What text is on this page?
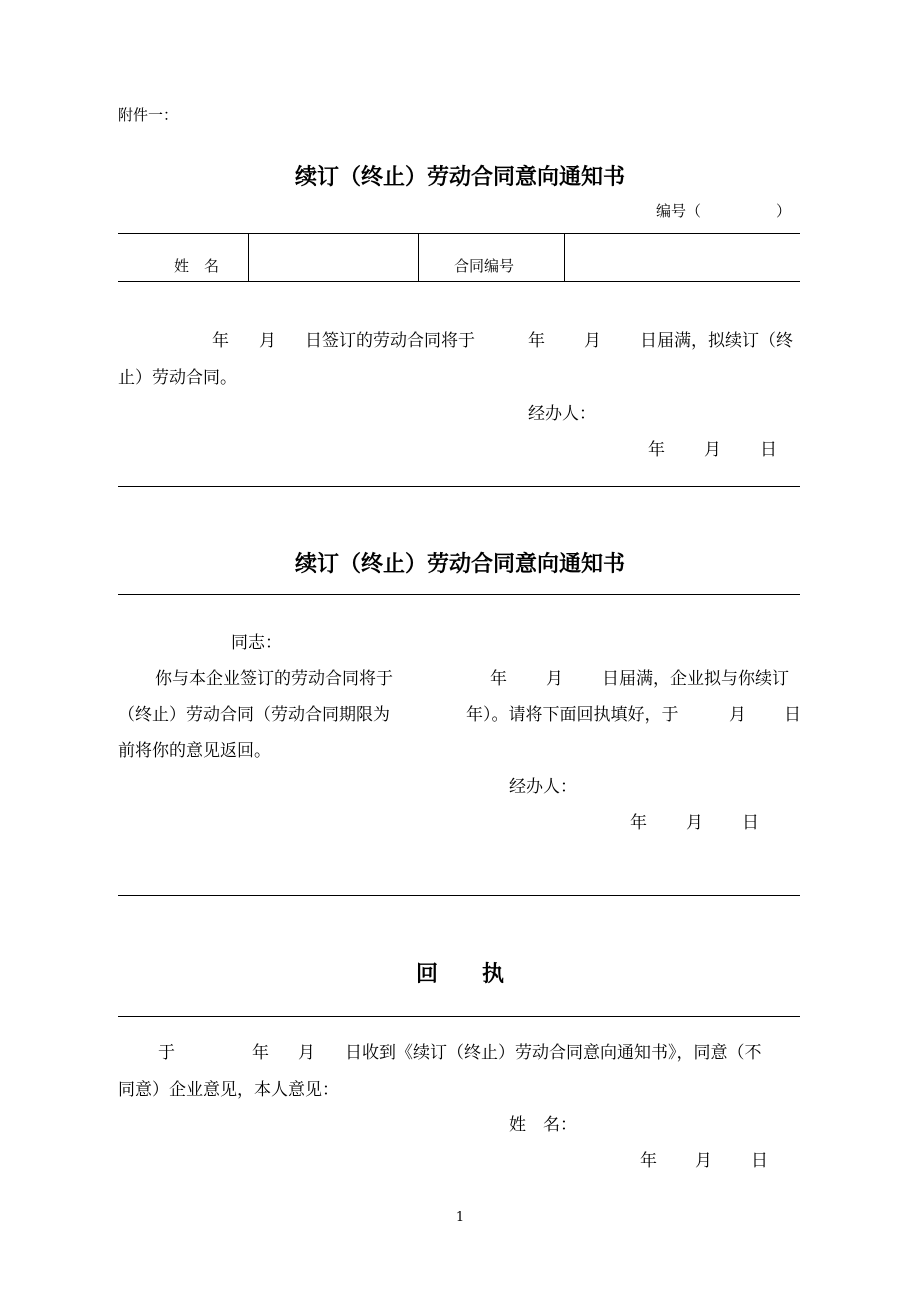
附件一：
续订（终止）劳动合同意向通知书
编号（	）
姓　名	合同编号
年 月 日签订的劳动合同将于	年 月 日届满，拟续订（终
止）劳动合同。
经办人：
年 月 日
续订（终止）劳动合同意向通知书
同志：
你与本企业签订的劳动合同将于	年 月 日届满，企业拟与你续订
（终止）劳动合同（劳动合同期限为	年）。请将下面回执填好，于	月 日
前将你的意见返回。
经办人：
年 月 日
回　　执
于	年 月 日收到《续订（终止）劳动合同意向通知书》，同意（不
同意）企业意见，本人意见：
姓　名：
年 月 日
1
